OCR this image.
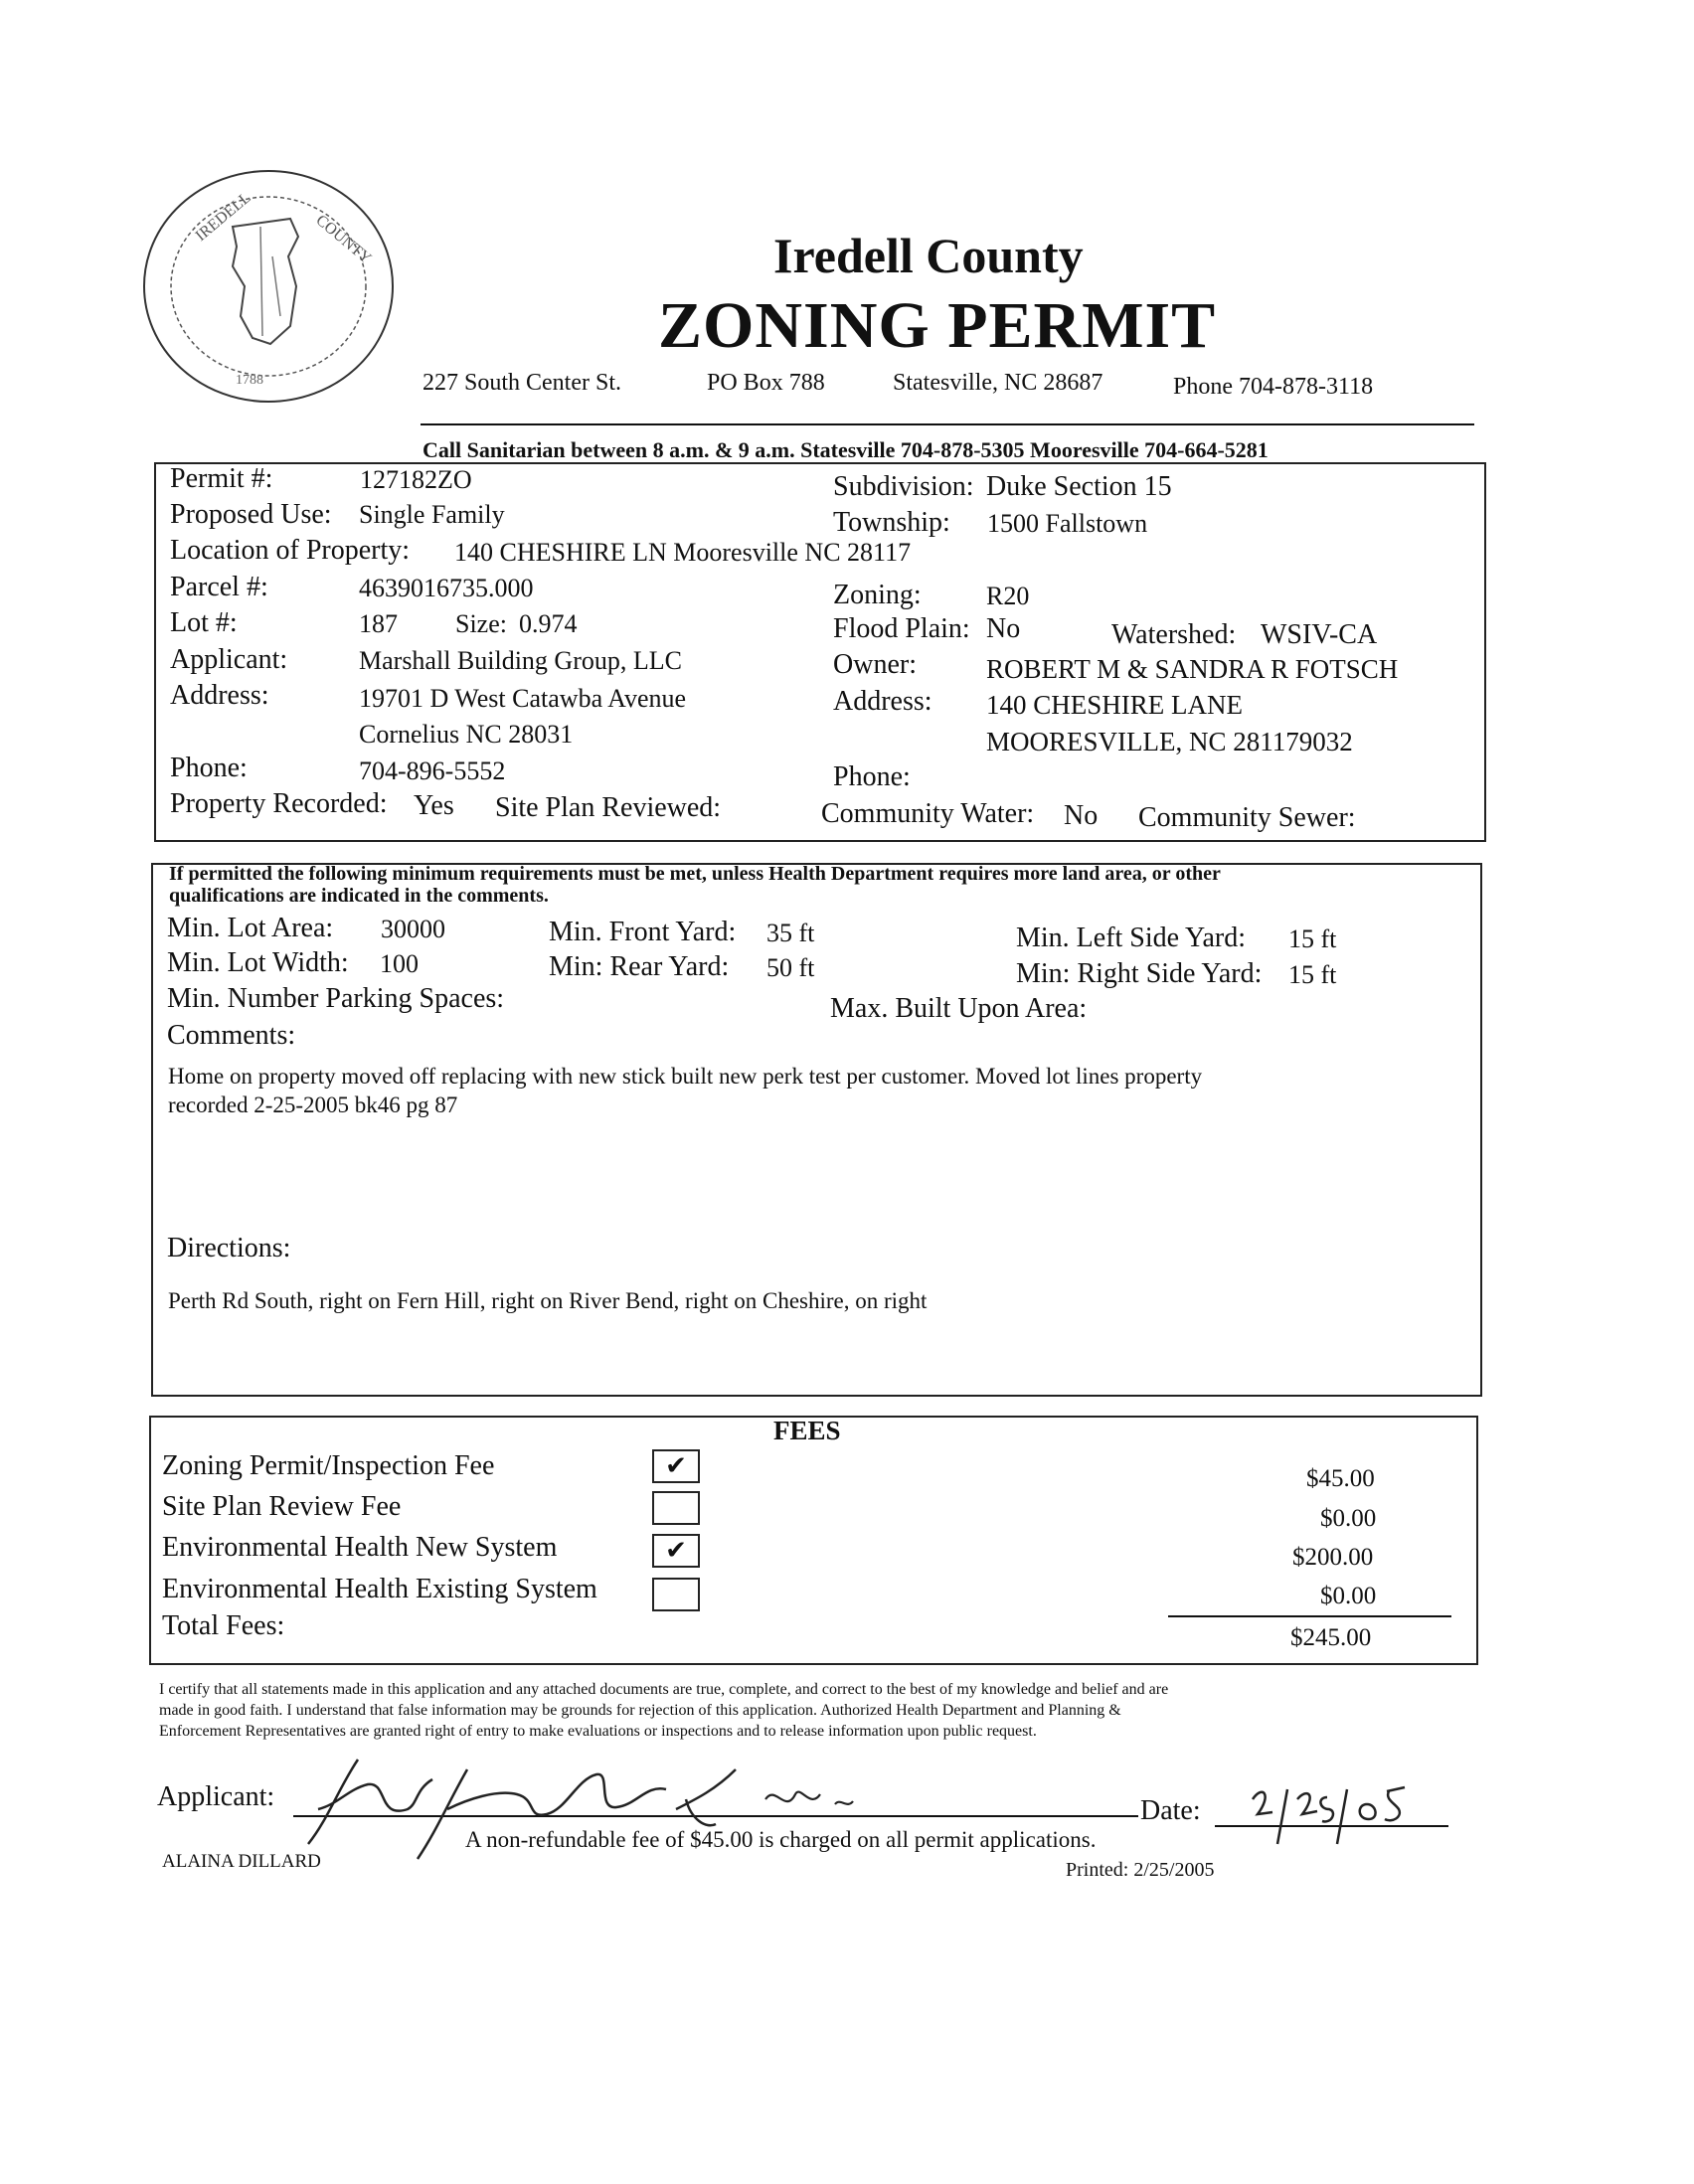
IREDELL	COUNTY
1788
Iredell County
ZONING PERMIT
227 South Center St.	PO Box 788	Statesville, NC 28687	Phone 704-878-3118
Call Sanitarian between 8 a.m. & 9 a.m. Statesville 704-878-5305 Mooresville 704-664-5281
Permit #:	127182ZO	Subdivision: Duke Section 15
Proposed Use: Single Family	Township: 1500 Fallstown
Location of Property: 140 CHESHIRE LN Mooresville NC 28117
Parcel #:	4639016735.000	Zoning:	R20
Lot #:	187 Size: 0.974	Flood Plain: No	Watershed: WSIV-CA
Applicant:	Marshall Building Group, LLC	Owner:	ROBERT M & SANDRA R FOTSCH
Address:	19701 D West Catawba Avenue	Address: 140 CHESHIRE LANE
Cornelius NC 28031	MOORESVILLE, NC 281179032
Phone:	704-896-5552	Phone:
Property Recorded: Yes Site Plan Reviewed:	Community Water: No Community Sewer:
If permitted the following minimum requirements must be met, unless Health Department requires more land area, or other
qualifications are indicated in the comments.
Min. Lot Area: 30000	Min. Front Yard: 35 ft	Min. Left Side Yard: 15 ft
Min. Lot Width: 100	Min: Rear Yard: 50 ft	Min: Right Side Yard: 15 ft
Min. Number Parking Spaces:	Max. Built Upon Area:
Comments:
Home on property moved off replacing with new stick built new perk test per customer. Moved lot lines property
recorded 2-25-2005 bk46 pg 87
Directions:
Perth Rd South, right on Fern Hill, right on River Bend, right on Cheshire, on right
FEES
Zoning Permit/Inspection Fee	✔	$45.00
Site Plan Review Fee	$0.00
Environmental Health New System	✔	$200.00
Environmental Health Existing System	$0.00
Total Fees:	$245.00
I certify that all statements made in this application and any attached documents are true, complete, and correct to the best of my knowledge and belief and are
made in good faith. I understand that false information may be grounds for rejection of this application. Authorized Health Department and Planning &
Enforcement Representatives are granted right of entry to make evaluations or inspections and to release information upon public request.
Applicant:	Date:
A non-refundable fee of $45.00 is charged on all permit applications.
ALAINA DILLARD	Printed: 2/25/2005
